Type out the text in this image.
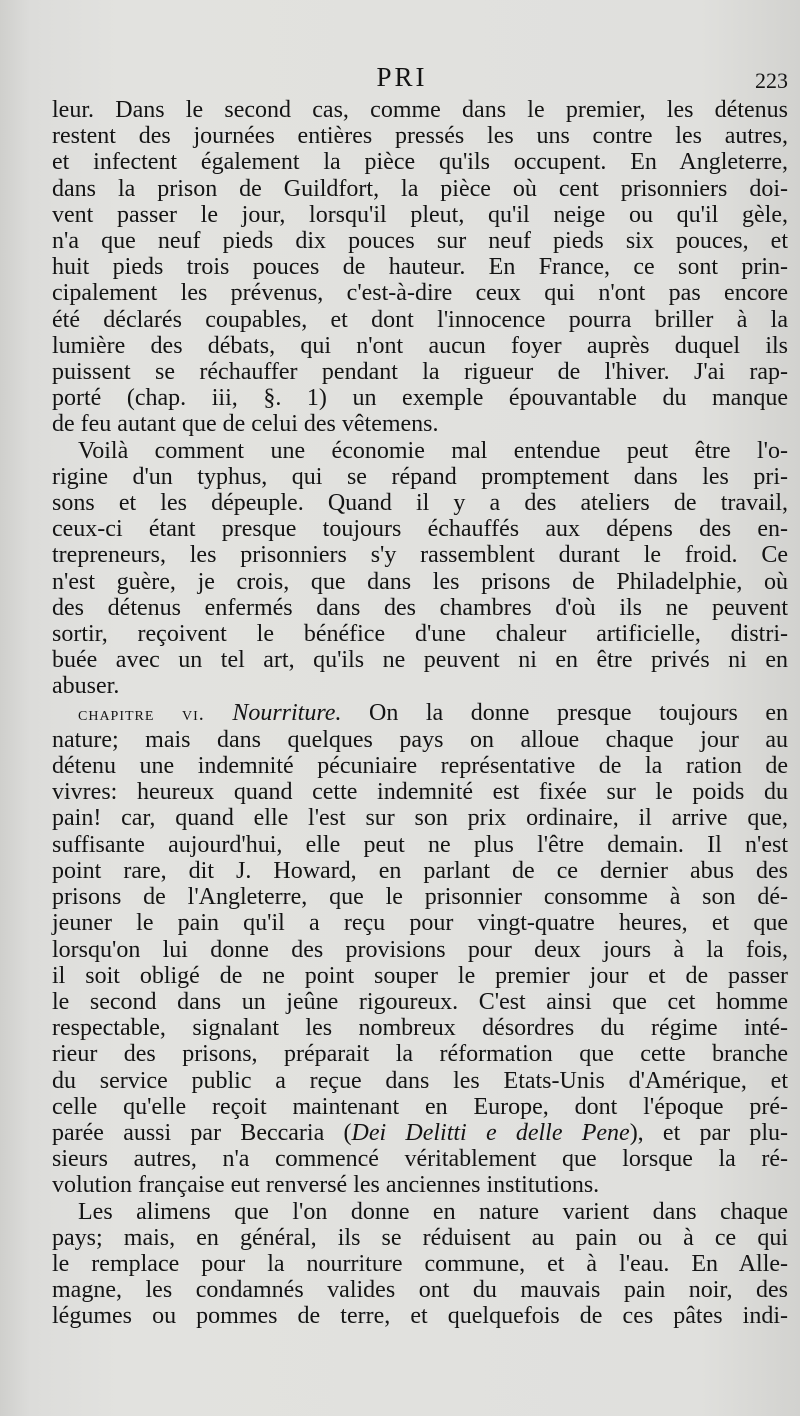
PRI	223

leur. Dans le second cas, comme dans le premier, les détenus
restent des journées entières pressés les uns contre les autres,
et infectent également la pièce qu'ils occupent. En Angleterre,
dans la prison de Guildfort, la pièce où cent prisonniers doi-
vent passer le jour, lorsqu'il pleut, qu'il neige ou qu'il gèle,
n'a que neuf pieds dix pouces sur neuf pieds six pouces, et
huit pieds trois pouces de hauteur. En France, ce sont prin-
cipalement les prévenus, c'est-à-dire ceux qui n'ont pas encore
été déclarés coupables, et dont l'innocence pourra briller à la
lumière des débats, qui n'ont aucun foyer auprès duquel ils
puissent se réchauffer pendant la rigueur de l'hiver. J'ai rap-
porté (chap. iii, §. 1) un exemple épouvantable du manque
de feu autant que de celui des vêtemens.

Voilà comment une économie mal entendue peut être l'o-
rigine d'un typhus, qui se répand promptement dans les pri-
sons et les dépeuple. Quand il y a des ateliers de travail,
ceux-ci étant presque toujours échauffés aux dépens des en-
trepreneurs, les prisonniers s'y rassemblent durant le froid. Ce
n'est guère, je crois, que dans les prisons de Philadelphie, où
des détenus enfermés dans des chambres d'où ils ne peuvent
sortir, reçoivent le bénéfice d'une chaleur artificielle, distri-
buée avec un tel art, qu'ils ne peuvent ni en être privés ni en
abuser.

chapitre vi. Nourriture. On la donne presque toujours en
nature; mais dans quelques pays on alloue chaque jour au
détenu une indemnité pécuniaire représentative de la ration de
vivres: heureux quand cette indemnité est fixée sur le poids du
pain! car, quand elle l'est sur son prix ordinaire, il arrive que,
suffisante aujourd'hui, elle peut ne plus l'être demain. Il n'est
point rare, dit J. Howard, en parlant de ce dernier abus des
prisons de l'Angleterre, que le prisonnier consomme à son dé-
jeuner le pain qu'il a reçu pour vingt-quatre heures, et que
lorsqu'on lui donne des provisions pour deux jours à la fois,
il soit obligé de ne point souper le premier jour et de passer
le second dans un jeûne rigoureux. C'est ainsi que cet homme
respectable, signalant les nombreux désordres du régime inté-
rieur des prisons, préparait la réformation que cette branche
du service public a reçue dans les Etats-Unis d'Amérique, et
celle qu'elle reçoit maintenant en Europe, dont l'époque pré-
parée aussi par Beccaria (Dei Delitti e delle Pene), et par plu-
sieurs autres, n'a commencé véritablement que lorsque la ré-
volution française eut renversé les anciennes institutions.

Les alimens que l'on donne en nature varient dans chaque
pays; mais, en général, ils se réduisent au pain ou à ce qui
le remplace pour la nourriture commune, et à l'eau. En Alle-
magne, les condamnés valides ont du mauvais pain noir, des
légumes ou pommes de terre, et quelquefois de ces pâtes indi-
